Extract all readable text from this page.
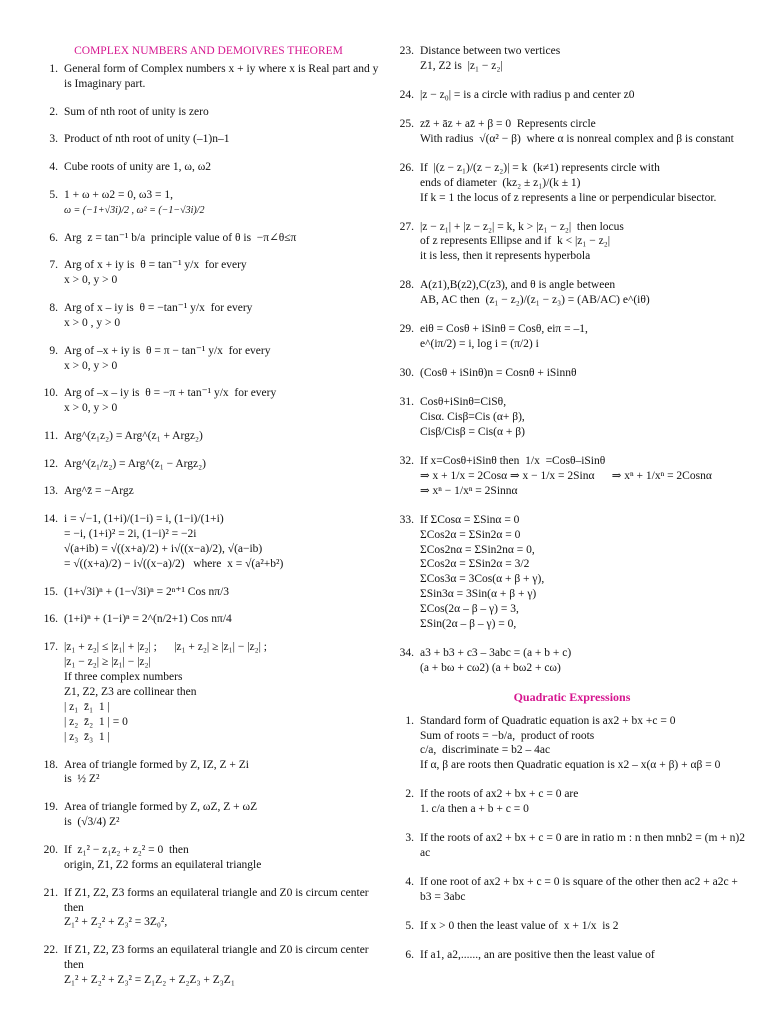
COMPLEX NUMBERS AND DEMOIVRES THEOREM
1. General form of Complex numbers x + iy where x is Real part and y is Imaginary part.
2. Sum of nth root of unity is zero
3. Product of nth root of unity (–1)n–1
4. Cube roots of unity are 1, ω, ω2
5. 1 + ω + ω2 = 0, ω3 = 1,
ω = (−1+√3i)/2 , ω² = (−1−√3i)/2
6. Arg  z = tan⁻¹ b/a  principle value of θ is  −π∠θ≤π
7. Arg of x + iy is  θ = tan⁻¹ y/x  for every
x > 0, y > 0
8. Arg of x – iy is  θ = −tan⁻¹ y/x  for every
x > 0 , y > 0
9. Arg of –x + iy is  θ = π − tan⁻¹ y/x  for every
x > 0, y > 0
10. Arg of –x – iy is  θ = −π + tan⁻¹ y/x  for every
x > 0, y > 0
11. Arg^(z₁z₂) = Arg^(z₁ + Argz₂)
12. Arg^(z₁/z₂) = Arg^(z₁ − Argz₂)
13. Arg^z̄ = −Argz
14. i = √−1, (1+i)/(1−i) = i, (1−i)/(1+i)
= −i, (1+i)² = 2i, (1−i)² = −2i
√(a+ib) = √((x+a)/2) + i√((x−a)/2), √(a−ib)
= √((x+a)/2) − i√((x−a)/2)   where  x = √(a²+b²)
15. (1+√3i)ⁿ + (1−√3i)ⁿ = 2ⁿ⁺¹ Cos nπ/3
16. (1+i)ⁿ + (1−i)ⁿ = 2^(n/2+1) Cos nπ/4
17. |z₁ + z₂| ≤ |z₁| + |z₂| ;      |z₁ + z₂| ≥ |z₁| − |z₂| ;
|z₁ − z₂| ≥ |z₁| − |z₂|
If three complex numbers
Z1, Z2, Z3 are collinear then
| z₁  z̄₁  1 |
| z₂  z̄₂  1 | = 0
| z₃  z̄₃  1 |
18. Area of triangle formed by Z, IZ, Z + Zi
is  ½ Z²
19. Area of triangle formed by Z, ωZ, Z + ωZ
is  (√3/4) Z²
20. If  z₁² − z₁z₂ + z₂² = 0  then
origin, Z1, Z2 forms an equilateral triangle
21. If Z1, Z2, Z3 forms an equilateral triangle and Z0 is circum center then
Z₁² + Z₂² + Z₃² = 3Z₀²,
22. If Z1, Z2, Z3 forms an equilateral triangle and Z0 is circum center then
Z₁² + Z₂² + Z₃² = Z₁Z₂ + Z₂Z₃ + Z₃Z₁
23. Distance between two vertices
Z1, Z2 is  |z₁ − z₂|
24. |z − z₀| = is a circle with radius p and center z0
25. zz̄ + āz + az̄ + β = 0  Represents circle
With radius  √(α² − β)  where α is nonreal complex and β is constant
26. If  |(z − z₁)/(z − z₂)| = k  (k≠1) represents circle with
ends of diameter  (kz₂ ± z₁)/(k ± 1)
If k = 1 the locus of z represents a line or perpendicular bisector.
27. |z − z₁| + |z − z₂| = k, k > |z₁ − z₂|  then locus
of z represents Ellipse and if  k < |z₁ − z₂|
it is less, then it represents hyperbola
28. A(z1),B(z2),C(z3), and θ is angle between
AB, AC then  (z₁ − z₂)/(z₁ − z₃) = (AB/AC) e^(iθ)
29. eiθ = Cosθ + iSinθ = Cosθ, eiπ = –1,
e^(iπ/2) = i, log i = (π/2) i
30. (Cosθ + iSinθ)n = Cosnθ + iSinnθ
31. Cosθ+iSinθ=CiSθ,
Cisα. Cisβ=Cis (α+ β),
Cisβ/Cisβ = Cis(α + β)
32. If x=Cosθ+iSinθ then  1/x  =Cosθ–iSinθ
⇒ x + 1/x = 2Cosα ⇒ x − 1/x = 2Sinα      ⇒ xⁿ + 1/xⁿ = 2Cosnα
⇒ xⁿ − 1/xⁿ = 2Sinnα
33. If ΣCosα = ΣSinα = 0
ΣCos2α = ΣSin2α = 0
ΣCos2nα = ΣSin2nα = 0,
ΣCos2α = ΣSin2α = 3/2
ΣCos3α = 3Cos(α + β + γ),
ΣSin3α = 3Sin(α + β + γ)
ΣCos(2α – β – γ) = 3,
ΣSin(2α – β – γ) = 0,
34. a3 + b3 + c3 – 3abc = (a + b + c)
(a + bω + cω2) (a + bω2 + cω)
Quadratic Expressions
1. Standard form of Quadratic equation is ax2 + bx +c = 0
Sum of roots = −b/a,  product of roots
c/a,  discriminate = b2 – 4ac
If α, β are roots then Quadratic equation is x2 – x(α + β) + αβ = 0
2. If the roots of ax2 + bx + c = 0 are
1. c/a then a + b + c = 0
3. If the roots of ax2 + bx + c = 0 are in ratio m : n then mnb2 = (m + n)2 ac
4. If one root of ax2 + bx + c = 0 is square of the other then ac2 + a2c + b3 = 3abc
5. If x > 0 then the least value of  x + 1/x  is 2
6. If a1, a2,......, an are positive then the least value of
